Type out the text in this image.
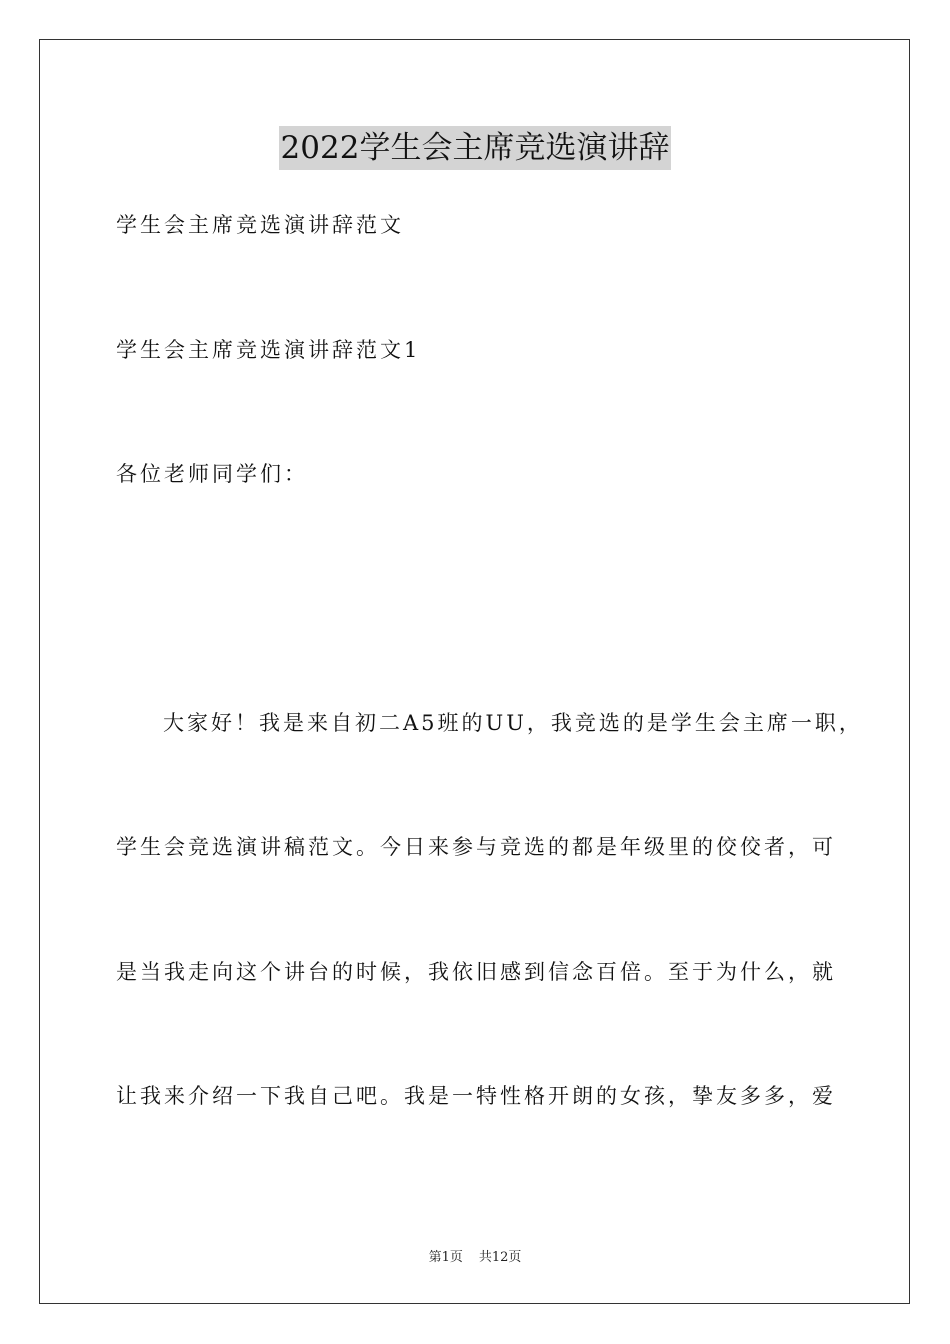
2022学生会主席竞选演讲辞
学生会主席竞选演讲辞范文
学生会主席竞选演讲辞范文1
各位老师同学们：
大家好！我是来自初二A5班的UU，我竞选的是学生会主席一职，
学生会竞选演讲稿范文。今日来参与竞选的都是年级里的佼佼者，可
是当我走向这个讲台的时候，我依旧感到信念百倍。至于为什么，就
让我来介绍一下我自己吧。我是一特性格开朗的女孩，挚友多多，爱
第1页 共12页
